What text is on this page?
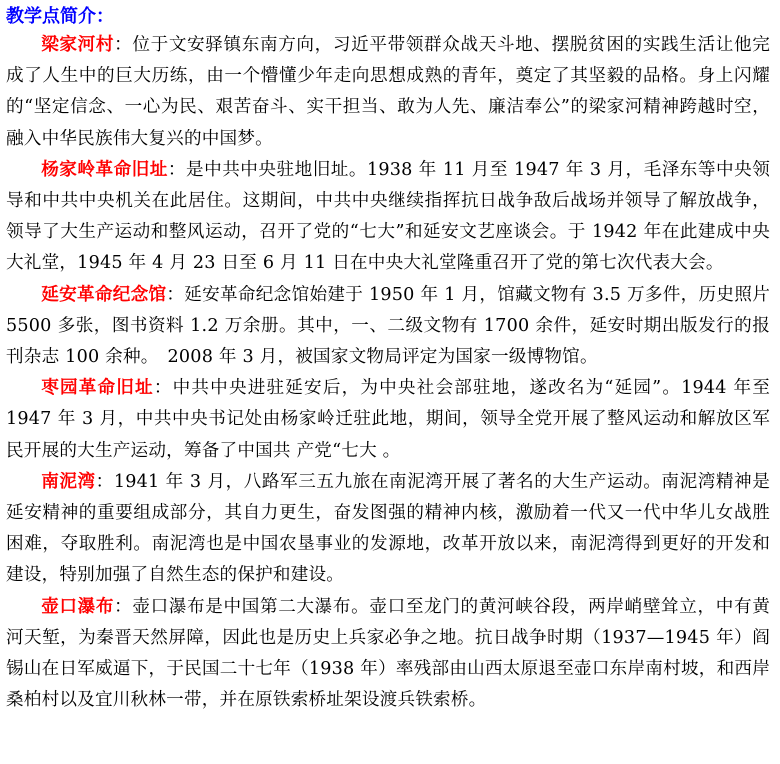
教学点简介：

梁家河村：位于文安驿镇东南方向，习近平带领群众战天斗地、摆脱贫困的实践生活让他完成了人生中的巨大历练，由一个懵懂少年走向思想成熟的青年，奠定了其坚毅的品格。身上闪耀的“坚定信念、一心为民、艰苦奋斗、实干担当、敢为人先、廉洁奉公”的梁家河精神跨越时空，融入中华民族伟大复兴的中国梦。

杨家岭革命旧址：是中共中央驻地旧址。1938 年 11 月至 1947 年 3 月，毛泽东等中央领导和中共中央机关在此居住。这期间，中共中央继续指挥抗日战争敌后战场并领导了解放战争，领导了大生产运动和整风运动，召开了党的“七大”和延安文艺座谈会。于 1942 年在此建成中央大礼堂，1945 年 4 月 23 日至 6 月 11 日在中央大礼堂隆重召开了党的第七次代表大会。

延安革命纪念馆：延安革命纪念馆始建于 1950 年 1 月，馆藏文物有 3.5 万多件，历史照片 5500 多张，图书资料 1.2 万余册。其中，一、二级文物有 1700 余件，延安时期出版发行的报刊杂志 100 余种。　2008 年 3 月，被国家文物局评定为国家一级博物馆。

枣园革命旧址：中共中央进驻延安后，为中央社会部驻地，遂改名为“延园”。1944 年至 1947 年 3 月，中共中央书记处由杨家岭迁驻此地，期间，领导全党开展了整风运动和解放区军民开展的大生产运动，筹备了中国共 产党“七大 。

南泥湾：1941 年 3 月，八路军三五九旅在南泥湾开展了著名的大生产运动。南泥湾精神是延安精神的重要组成部分，其自力更生，奋发图强的精神内核，激励着一代又一代中华儿女战胜困难，夺取胜利。南泥湾也是中国农垦事业的发源地，改革开放以来，南泥湾得到更好的开发和建设，特别加强了自然生态的保护和建设。

壶口瀑布：壶口瀑布是中国第二大瀑布。壶口至龙门的黄河峡谷段，两岸峭壁耸立，中有黄河天堑，为秦晋天然屏障，因此也是历史上兵家必争之地。抗日战争时期（1937—1945 年）阎锡山在日军威逼下，于民国二十七年（1938 年）率残部由山西太原退至壶口东岸南村坡，和西岸桑柏村以及宜川秋林一带，并在原铁索桥址架设渡兵铁索桥。
